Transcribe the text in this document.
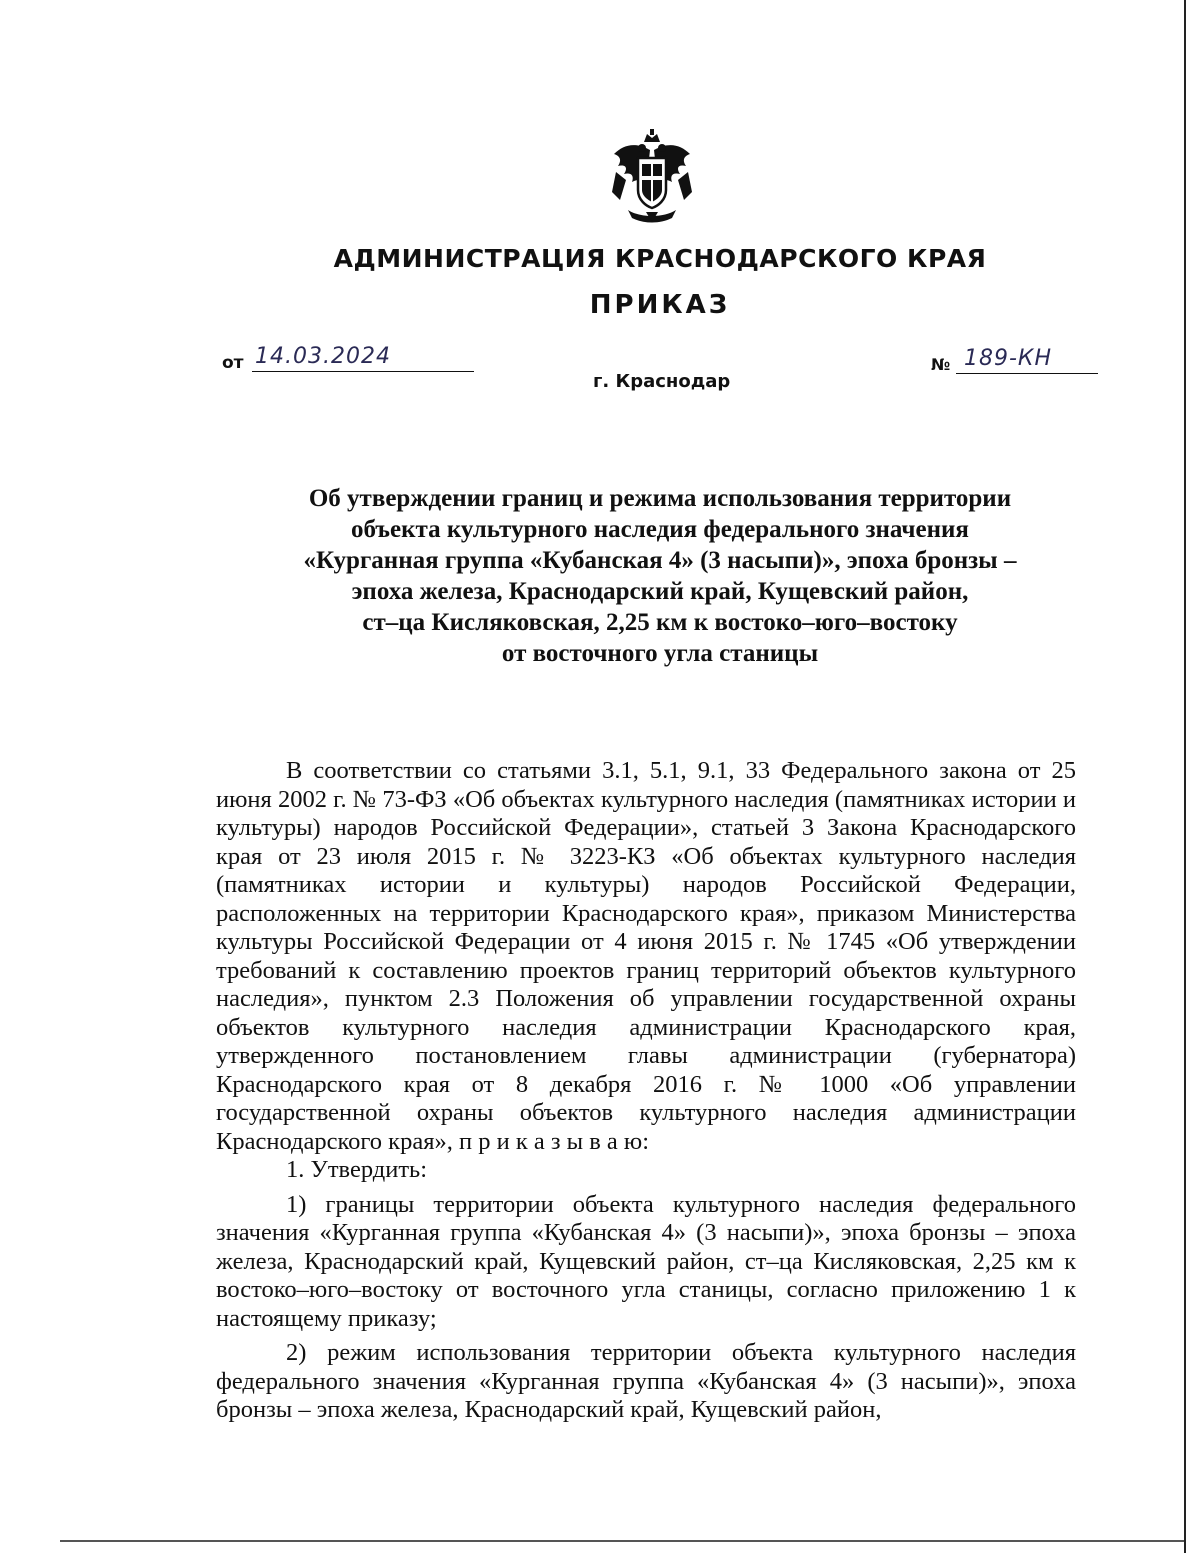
АДМИНИСТРАЦИЯ КРАСНОДАРСКОГО КРАЯ
ПРИКАЗ
от 14.03.2024	№ 189-КН
г. Краснодар
Об утверждении границ и режима использования территории
объекта культурного наследия федерального значения
«Курганная группа «Кубанская 4» (3 насыпи)», эпоха бронзы –
эпоха железа, Краснодарский край, Кущевский район,
ст–ца Кисляковская, 2,25 км к востоко–юго–востоку
от восточного угла станицы

В соответствии со статьями 3.1, 5.1, 9.1, 33 Федерального закона от 25 июня 2002 г. № 73-ФЗ «Об объектах культурного наследия (памятниках истории и культуры) народов Российской Федерации», статьей 3 Закона Краснодарского края от 23 июля 2015 г. № 3223-КЗ «Об объектах культурного наследия (памятниках истории и культуры) народов Российской Федерации, расположенных на территории Краснодарского края», приказом Министерства культуры Российской Федерации от 4 июня 2015 г. № 1745 «Об утверждении требований к составлению проектов границ территорий объектов культурного наследия», пунктом 2.3 Положения об управлении государственной охраны объектов культурного наследия администрации Краснодарского края, утвержденного постановлением главы администрации (губернатора) Краснодарского края от 8 декабря 2016 г. № 1000 «Об управлении государственной охраны объектов культурного наследия администрации Краснодарского края», п р и к а з ы в а ю:

1. Утвердить:

1) границы территории объекта культурного наследия федерального значения «Курганная группа «Кубанская 4» (3 насыпи)», эпоха бронзы – эпоха железа, Краснодарский край, Кущевский район, ст–ца Кисляковская, 2,25 км к востоко–юго–востоку от восточного угла станицы, согласно приложению 1 к настоящему приказу;

2) режим использования территории объекта культурного наследия федерального значения «Курганная группа «Кубанская 4» (3 насыпи)», эпоха бронзы – эпоха железа, Краснодарский край, Кущевский район,
